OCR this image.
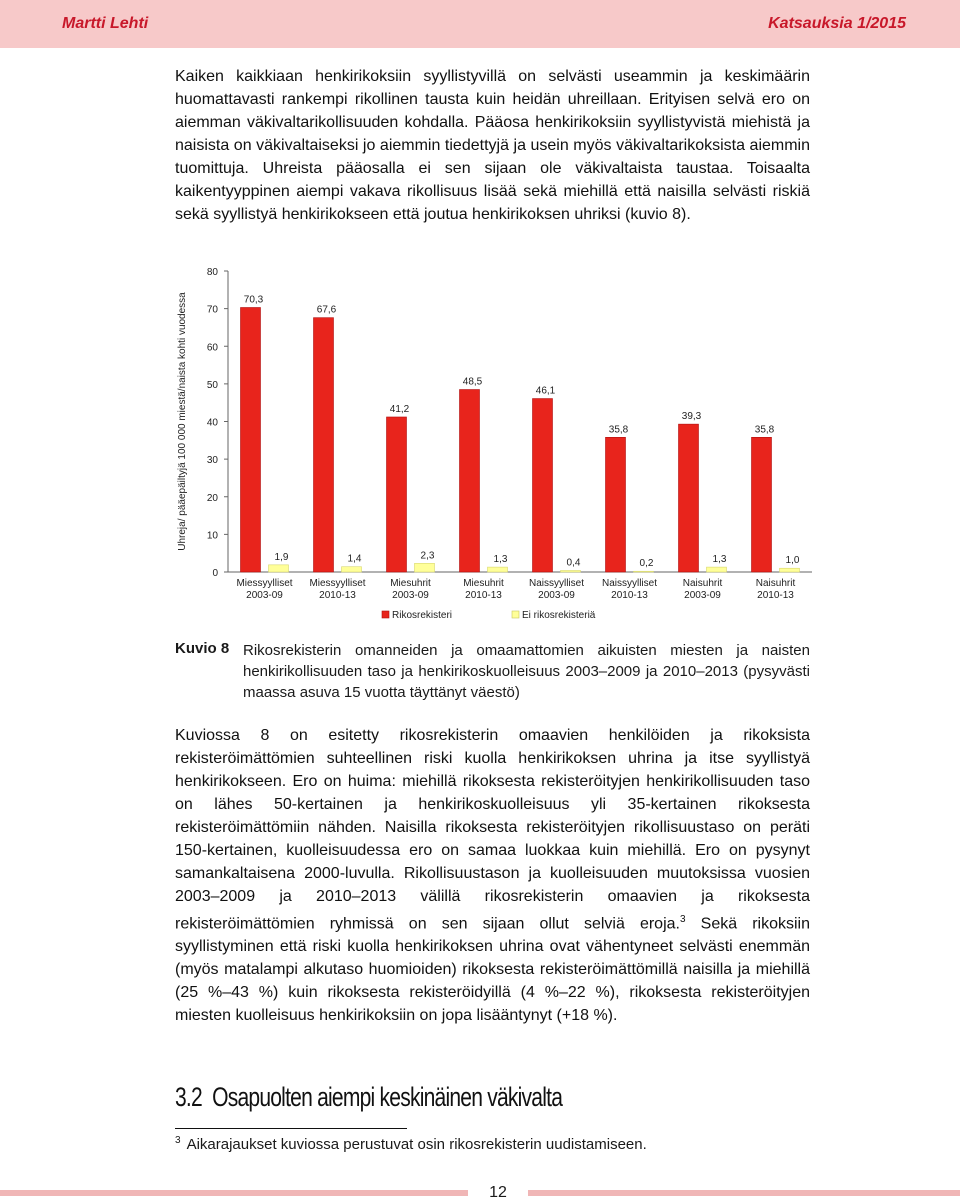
Martti Lehti	Katsauksia 1/2015

Kaiken kaikkiaan henkirikoksiin syyllistyvillä on selvästi useammin ja keskimäärin huomattavasti rankempi rikollinen tausta kuin heidän uhreillaan. Erityisen selvä ero on aiemman väkivaltarikollisuuden kohdalla. Pääosa henkirikoksiin syyllistyvistä miehistä ja naisista on väkivaltaiseksi jo aiemmin tiedettyjä ja usein myös väkivaltarikoksista aiemmin tuomittuja. Uhreista pääosalla ei sen sijaan ole väkivaltaista taustaa. Toisaalta kaikentyyppinen aiempi vakava rikollisuus lisää sekä miehillä että naisilla selvästi riskiä sekä syyllistyä henkirikokseen että joutua henkirikoksen uhriksi (kuvio 8).

0
10
20
30
40
50
60
70
80
Uhreja/ pääepäiltyjä 100 000 miestä/naista kohti vuodessa	70,3
1,9
Miessyylliset
2003-09
67,6
1,4
Miessyylliset
2010-13
41,2
2,3
Miesuhrit
2003-09
48,5
1,3
Miesuhrit
2010-13
46,1
0,4
Naissyylliset
2003-09
35,8
0,2
Naissyylliset
2010-13
39,3
1,3
Naisuhrit
2003-09
35,8
1,0
Naisuhrit
2010-13
Rikosrekisteri	Ei rikosrekisteriä
Kuvio 8 Rikosrekisterin omanneiden ja omaamattomien aikuisten miesten ja naisten henkirikollisuuden taso ja henkirikoskuolleisuus 2003–2009 ja 2010–2013 (pysyvästi maassa asuva 15 vuotta täyttänyt väestö)

Kuviossa 8 on esitetty rikosrekisterin omaavien henkilöiden ja rikoksista rekisteröimättömien suhteellinen riski kuolla henkirikoksen uhrina ja itse syyllistyä henkirikokseen. Ero on huima: miehillä rikoksesta rekisteröityjen henkirikollisuuden taso on lähes 50-kertainen ja henkirikoskuolleisuus yli 35-kertainen rikoksesta rekisteröimättömiin nähden. Naisilla rikoksesta rekisteröityjen rikollisuustaso on peräti 150-kertainen, kuolleisuudessa ero on samaa luokkaa kuin miehillä. Ero on pysynyt samankaltaisena 2000-luvulla. Rikollisuustason ja kuolleisuuden muutoksissa vuosien 2003–2009 ja 2010–2013 välillä rikosrekisterin omaavien ja rikoksesta rekisteröimättömien ryhmissä on sen sijaan ollut selviä eroja.$^3$ Sekä rikoksiin syyllistyminen että riski kuolla henkirikoksen uhrina ovat vähentyneet selvästi enemmän (myös matalampi alkutaso huomioiden) rikoksesta rekisteröimättömillä naisilla ja miehillä (25 %–43 %) kuin rikoksesta rekisteröidyillä (4 %–22 %), rikoksesta rekisteröityjen miesten kuolleisuus henkirikoksiin on jopa lisääntynyt (+18 %).

3.2 Osapuolten aiempi keskinäinen väkivalta
$^3$ Aikarajaukset kuviossa perustuvat osin rikosrekisterin uudistamiseen.
12
